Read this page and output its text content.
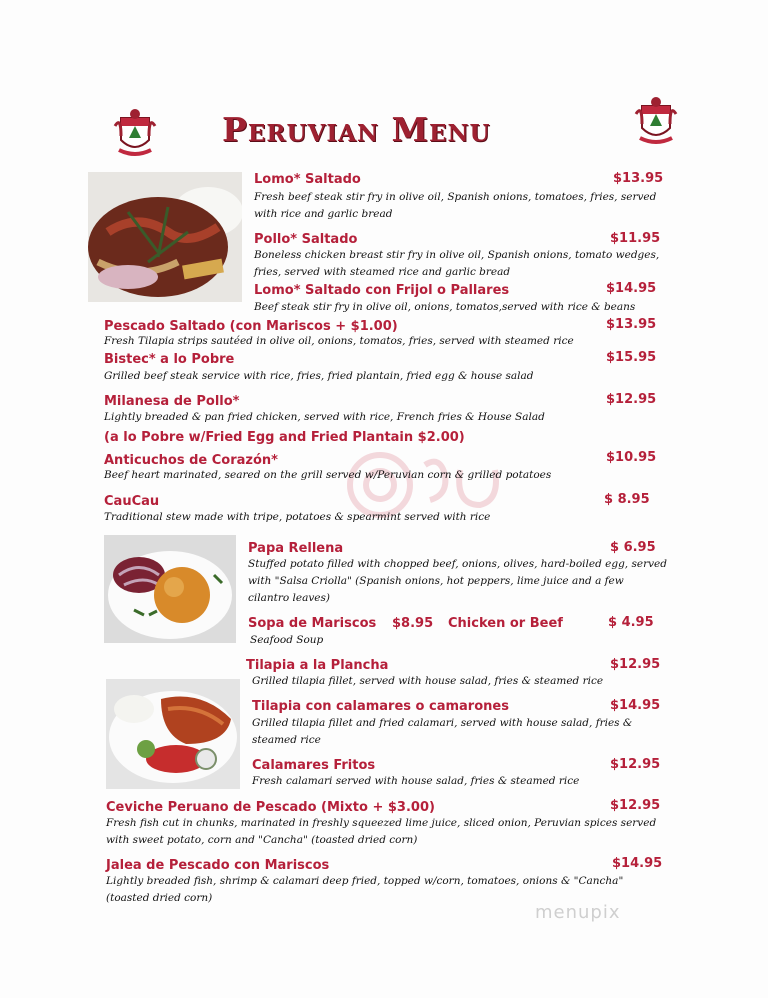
Peruvian Menu
Lomo* Saltado	$13.95
Fresh beef steak stir fry in olive oil, Spanish onions, tomatoes, fries, served with rice and garlic bread
Pollo* Saltado	$11.95
Boneless chicken breast stir fry in olive oil, Spanish onions, tomato wedges, fries, served with steamed rice and garlic bread
Lomo* Saltado con Frijol o Pallares	$14.95
Beef steak stir fry in olive oil, onions, tomatos,served with rice & beans
Pescado Saltado (con Mariscos + $1.00)	$13.95
Fresh Tilapia strips sautéed in olive oil, onions, tomatos, fries, served with steamed rice
Bistec* a lo Pobre	$15.95
Grilled beef steak service with rice, fries, fried plantain, fried egg & house salad
Milanesa de Pollo*	$12.95
Lightly breaded & pan fried chicken, served with rice, French fries & House Salad
(a lo Pobre w/Fried Egg and Fried Plantain $2.00)
Anticuchos de Corazón*	$10.95
Beef heart marinated, seared on the grill served w/Peruvian corn & grilled potatoes
CauCau	$ 8.95
Traditional stew made with tripe, potatoes & spearmint served with rice
Papa Rellena	$ 6.95
Stuffed potato filled with chopped beef, onions, olives, hard-boiled egg, served with "Salsa Criolla" (Spanish onions, hot peppers, lime juice and a few cilantro leaves)
Sopa de Mariscos $8.95 Chicken or Beef	$ 4.95
Seafood Soup
Tilapia a la Plancha	$12.95
Grilled tilapia fillet, served with house salad, fries & steamed rice
Tilapia con calamares o camarones	$14.95
Grilled tilapia fillet and fried calamari, served with house salad, fries & steamed rice
Calamares Fritos	$12.95
Fresh calamari served with house salad, fries & steamed rice
Ceviche Peruano de Pescado (Mixto + $3.00)	$12.95
Fresh fish cut in chunks, marinated in freshly squeezed lime juice, sliced onion, Peruvian spices served with sweet potato, corn and "Cancha" (toasted dried corn)
Jalea de Pescado con Mariscos	$14.95
Lightly breaded fish, shrimp & calamari deep fried, topped w/corn, tomatoes, onions & "Cancha" (toasted dried corn)
menupix
